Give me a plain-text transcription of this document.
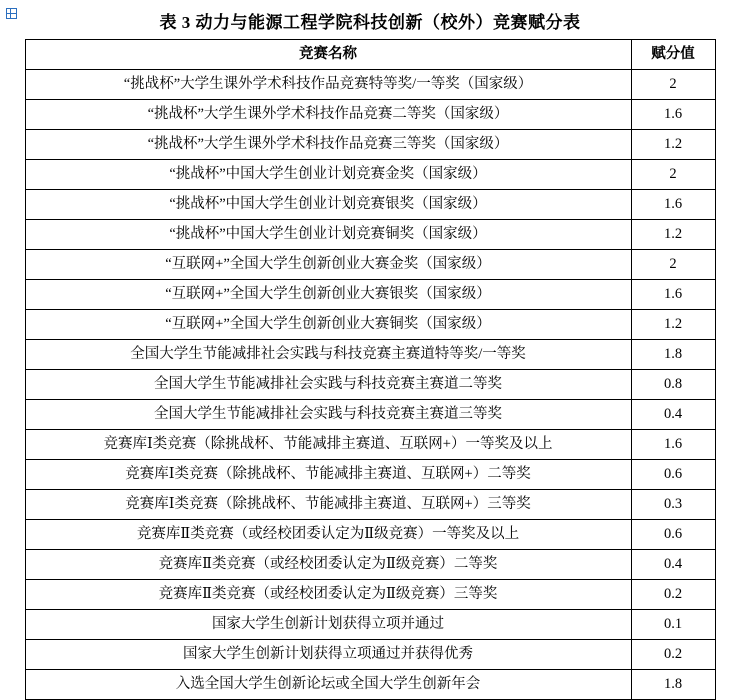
表 3 动力与能源工程学院科技创新（校外）竞赛赋分表
竞赛名称	赋分值
“挑战杯”大学生课外学术科技作品竞赛特等奖/一等奖（国家级）	2
“挑战杯”大学生课外学术科技作品竞赛二等奖（国家级）	1.6
“挑战杯”大学生课外学术科技作品竞赛三等奖（国家级）	1.2
“挑战杯”中国大学生创业计划竞赛金奖（国家级）	2
“挑战杯”中国大学生创业计划竞赛银奖（国家级）	1.6
“挑战杯”中国大学生创业计划竞赛铜奖（国家级）	1.2
“互联网+”全国大学生创新创业大赛金奖（国家级）	2
“互联网+”全国大学生创新创业大赛银奖（国家级）	1.6
“互联网+”全国大学生创新创业大赛铜奖（国家级）	1.2
全国大学生节能减排社会实践与科技竞赛主赛道特等奖/一等奖	1.8
全国大学生节能减排社会实践与科技竞赛主赛道二等奖	0.8
全国大学生节能减排社会实践与科技竞赛主赛道三等奖	0.4
竞赛库Ⅰ类竞赛（除挑战杯、节能减排主赛道、互联网+）一等奖及以上	1.6
竞赛库Ⅰ类竞赛（除挑战杯、节能减排主赛道、互联网+）二等奖	0.6
竞赛库Ⅰ类竞赛（除挑战杯、节能减排主赛道、互联网+）三等奖	0.3
竞赛库Ⅱ类竞赛（或经校团委认定为Ⅱ级竞赛）一等奖及以上	0.6
竞赛库Ⅱ类竞赛（或经校团委认定为Ⅱ级竞赛）二等奖	0.4
竞赛库Ⅱ类竞赛（或经校团委认定为Ⅱ级竞赛）三等奖	0.2
国家大学生创新计划获得立项并通过	0.1
国家大学生创新计划获得立项通过并获得优秀	0.2
入选全国大学生创新论坛或全国大学生创新年会	1.8
